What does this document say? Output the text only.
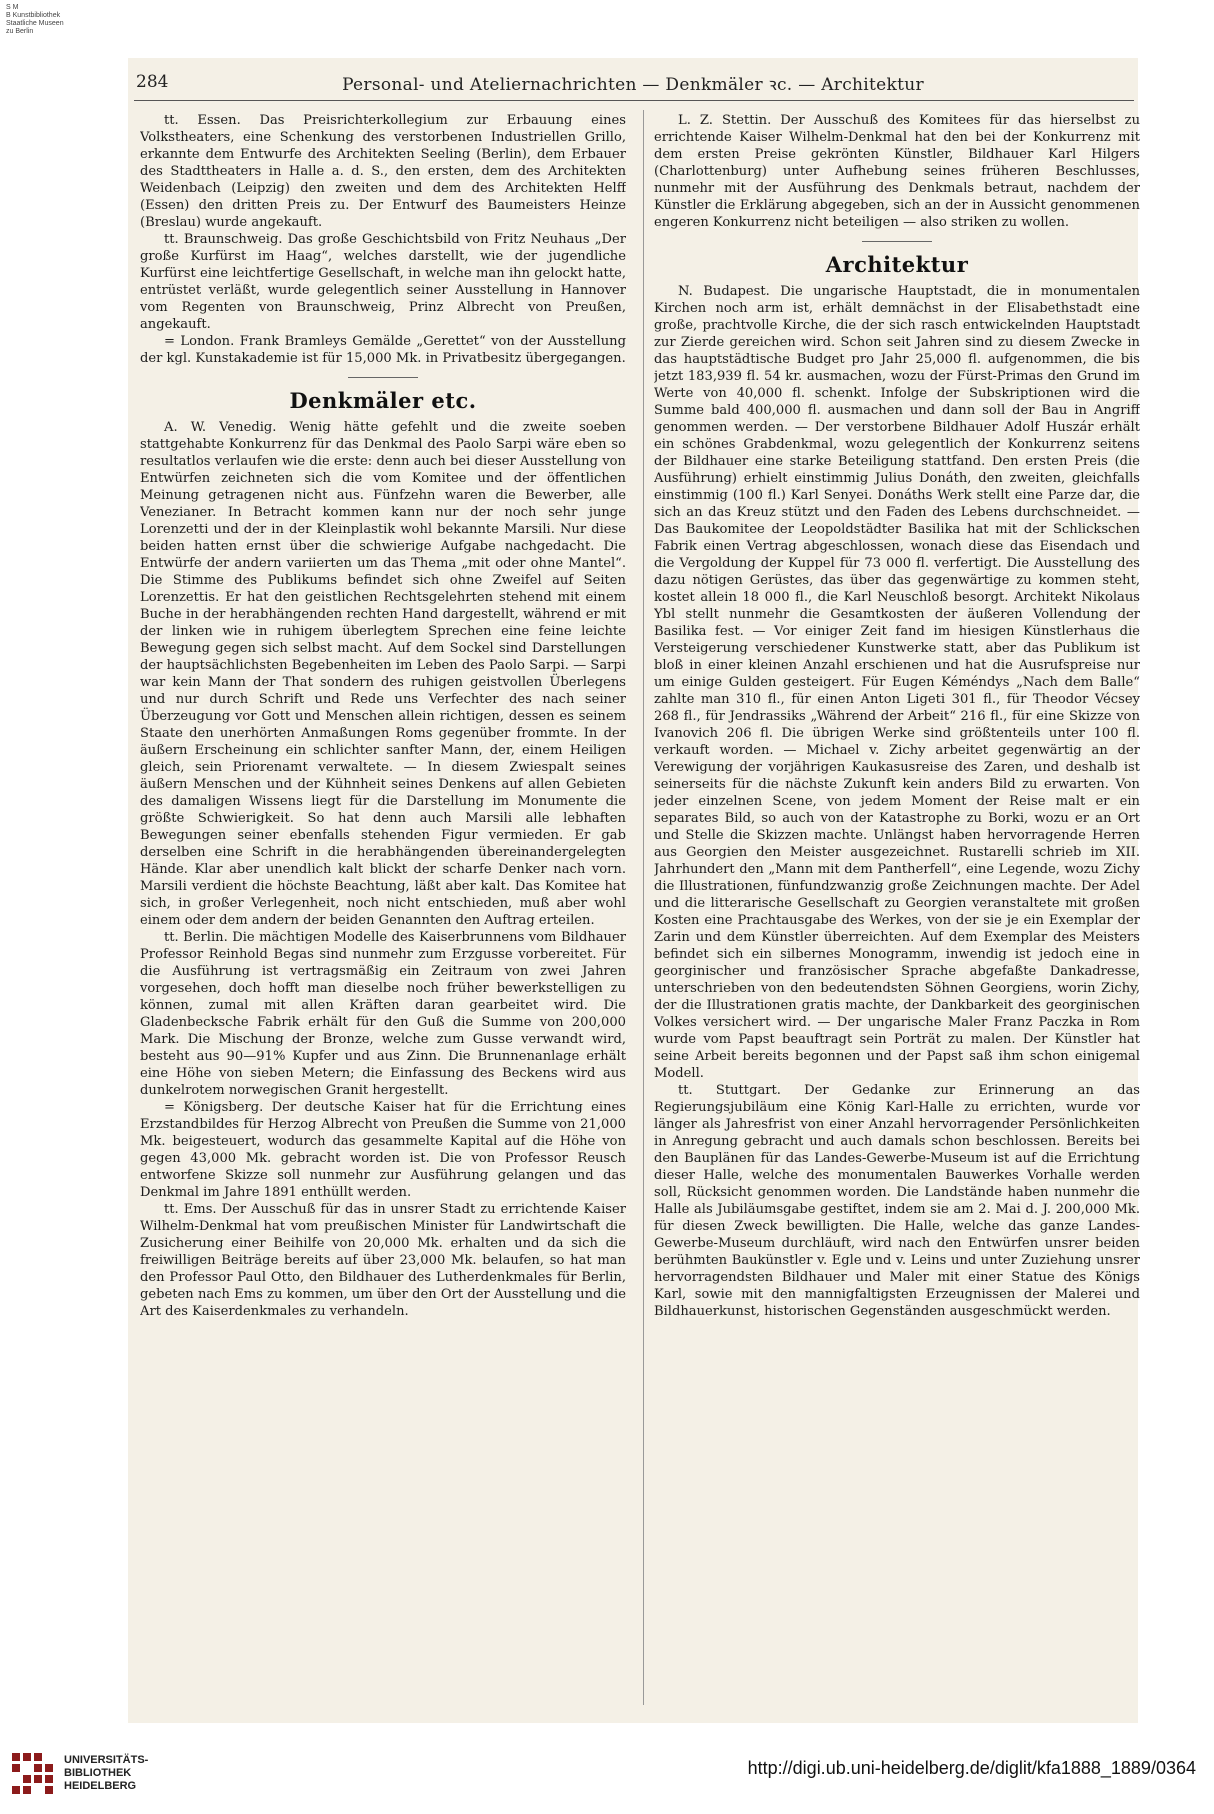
S M
B Kunstbibliothek
Staatliche Museen
zu Berlin
284	Personal- und Ateliernachrichten — Denkmäler ꝛc. — Architektur

tt. Essen. Das Preisrichterkollegium zur Erbauung eines Volkstheaters, eine Schenkung des verstorbenen Industriellen Grillo, erkannte dem Entwurfe des Architekten Seeling (Berlin), dem Erbauer des Stadttheaters in Halle a. d. S., den ersten, dem des Architekten Weidenbach (Leipzig) den zweiten und dem des Architekten Helff (Essen) den dritten Preis zu. Der Entwurf des Baumeisters Heinze (Breslau) wurde angekauft.

tt. Braunschweig. Das große Geschichtsbild von Fritz Neuhaus „Der große Kurfürst im Haag“, welches darstellt, wie der jugendliche Kurfürst eine leichtfertige Gesellschaft, in welche man ihn gelockt hatte, entrüstet verläßt, wurde gelegentlich seiner Ausstellung in Hannover vom Regenten von Braunschweig, Prinz Albrecht von Preußen, angekauft.

= London. Frank Bramleys Gemälde „Gerettet“ von der Ausstellung der kgl. Kunstakademie ist für 15,000 Mk. in Privatbesitz übergegangen.

Denkmäler etc.

A. W. Venedig. Wenig hätte gefehlt und die zweite soeben stattgehabte Konkurrenz für das Denkmal des Paolo Sarpi wäre eben so resultatlos verlaufen wie die erste: denn auch bei dieser Ausstellung von Entwürfen zeichneten sich die vom Komitee und der öffentlichen Meinung getragenen nicht aus. Fünfzehn waren die Bewerber, alle Venezianer. In Betracht kommen kann nur der noch sehr junge Lorenzetti und der in der Kleinplastik wohl bekannte Marsili. Nur diese beiden hatten ernst über die schwierige Aufgabe nachgedacht. Die Entwürfe der andern variierten um das Thema „mit oder ohne Mantel“. Die Stimme des Publikums befindet sich ohne Zweifel auf Seiten Lorenzettis. Er hat den geistlichen Rechtsgelehrten stehend mit einem Buche in der herabhängenden rechten Hand dargestellt, während er mit der linken wie in ruhigem überlegtem Sprechen eine feine leichte Bewegung gegen sich selbst macht. Auf dem Sockel sind Darstellungen der hauptsächlichsten Begebenheiten im Leben des Paolo Sarpi. — Sarpi war kein Mann der That sondern des ruhigen geistvollen Überlegens und nur durch Schrift und Rede uns Verfechter des nach seiner Überzeugung vor Gott und Menschen allein richtigen, dessen es seinem Staate den unerhörten Anmaßungen Roms gegenüber frommte. In der äußern Erscheinung ein schlichter sanfter Mann, der, einem Heiligen gleich, sein Priorenamt verwaltete. — In diesem Zwiespalt seines äußern Menschen und der Kühnheit seines Denkens auf allen Gebieten des damaligen Wissens liegt für die Darstellung im Monumente die größte Schwierigkeit. So hat denn auch Marsili alle lebhaften Bewegungen seiner ebenfalls stehenden Figur vermieden. Er gab derselben eine Schrift in die herabhängenden übereinandergelegten Hände. Klar aber unendlich kalt blickt der scharfe Denker nach vorn. Marsili verdient die höchste Beachtung, läßt aber kalt. Das Komitee hat sich, in großer Verlegenheit, noch nicht entschieden, muß aber wohl einem oder dem andern der beiden Genannten den Auftrag erteilen.

tt. Berlin. Die mächtigen Modelle des Kaiserbrunnens vom Bildhauer Professor Reinhold Begas sind nunmehr zum Erzgusse vorbereitet. Für die Ausführung ist vertragsmäßig ein Zeitraum von zwei Jahren vorgesehen, doch hofft man dieselbe noch früher bewerkstelligen zu können, zumal mit allen Kräften daran gearbeitet wird. Die Gladenbecksche Fabrik erhält für den Guß die Summe von 200,000 Mark. Die Mischung der Bronze, welche zum Gusse verwandt wird, besteht aus 90—91% Kupfer und aus Zinn. Die Brunnenanlage erhält eine Höhe von sieben Metern; die Einfassung des Beckens wird aus dunkelrotem norwegischen Granit hergestellt.

= Königsberg. Der deutsche Kaiser hat für die Errichtung eines Erzstandbildes für Herzog Albrecht von Preußen die Summe von 21,000 Mk. beigesteuert, wodurch das gesammelte Kapital auf die Höhe von gegen 43,000 Mk. gebracht worden ist. Die von Professor Reusch entworfene Skizze soll nunmehr zur Ausführung gelangen und das Denkmal im Jahre 1891 enthüllt werden.

tt. Ems. Der Ausschuß für das in unsrer Stadt zu errichtende Kaiser Wilhelm-Denkmal hat vom preußischen Minister für Landwirtschaft die Zusicherung einer Beihilfe von 20,000 Mk. erhalten und da sich die freiwilligen Beiträge bereits auf über 23,000 Mk. belaufen, so hat man den Professor Paul Otto, den Bildhauer des Lutherdenkmales für Berlin, gebeten nach Ems zu kommen, um über den Ort der Ausstellung und die Art des Kaiserdenkmales zu verhandeln.

L. Z. Stettin. Der Ausschuß des Komitees für das hierselbst zu errichtende Kaiser Wilhelm-Denkmal hat den bei der Konkurrenz mit dem ersten Preise gekrönten Künstler, Bildhauer Karl Hilgers (Charlottenburg) unter Aufhebung seines früheren Beschlusses, nunmehr mit der Ausführung des Denkmals betraut, nachdem der Künstler die Erklärung abgegeben, sich an der in Aussicht genommenen engeren Konkurrenz nicht beteiligen — also striken zu wollen.

Architektur

N. Budapest. Die ungarische Hauptstadt, die in monumentalen Kirchen noch arm ist, erhält demnächst in der Elisabethstadt eine große, prachtvolle Kirche, die der sich rasch entwickelnden Hauptstadt zur Zierde gereichen wird. Schon seit Jahren sind zu diesem Zwecke in das hauptstädtische Budget pro Jahr 25,000 fl. aufgenommen, die bis jetzt 183,939 fl. 54 kr. ausmachen, wozu der Fürst-Primas den Grund im Werte von 40,000 fl. schenkt. Infolge der Subskriptionen wird die Summe bald 400,000 fl. ausmachen und dann soll der Bau in Angriff genommen werden. — Der verstorbene Bildhauer Adolf Huszár erhält ein schönes Grabdenkmal, wozu gelegentlich der Konkurrenz seitens der Bildhauer eine starke Beteiligung stattfand. Den ersten Preis (die Ausführung) erhielt einstimmig Julius Donáth, den zweiten, gleichfalls einstimmig (100 fl.) Karl Senyei. Donáths Werk stellt eine Parze dar, die sich an das Kreuz stützt und den Faden des Lebens durchschneidet. — Das Baukomitee der Leopoldstädter Basilika hat mit der Schlickschen Fabrik einen Vertrag abgeschlossen, wonach diese das Eisendach und die Vergoldung der Kuppel für 73 000 fl. verfertigt. Die Ausstellung des dazu nötigen Gerüstes, das über das gegenwärtige zu kommen steht, kostet allein 18 000 fl., die Karl Neuschloß besorgt. Architekt Nikolaus Ybl stellt nunmehr die Gesamtkosten der äußeren Vollendung der Basilika fest. — Vor einiger Zeit fand im hiesigen Künstlerhaus die Versteigerung verschiedener Kunstwerke statt, aber das Publikum ist bloß in einer kleinen Anzahl erschienen und hat die Ausrufspreise nur um einige Gulden gesteigert. Für Eugen Kéméndys „Nach dem Balle“ zahlte man 310 fl., für einen Anton Ligeti 301 fl., für Theodor Vécsey 268 fl., für Jendrassiks „Während der Arbeit“ 216 fl., für eine Skizze von Ivanovich 206 fl. Die übrigen Werke sind größtenteils unter 100 fl. verkauft worden. — Michael v. Zichy arbeitet gegenwärtig an der Verewigung der vorjährigen Kaukasusreise des Zaren, und deshalb ist seinerseits für die nächste Zukunft kein anders Bild zu erwarten. Von jeder einzelnen Scene, von jedem Moment der Reise malt er ein separates Bild, so auch von der Katastrophe zu Borki, wozu er an Ort und Stelle die Skizzen machte. Unlängst haben hervorragende Herren aus Georgien den Meister ausgezeichnet. Rustarelli schrieb im XII. Jahrhundert den „Mann mit dem Pantherfell“, eine Legende, wozu Zichy die Illustrationen, fünfundzwanzig große Zeichnungen machte. Der Adel und die litterarische Gesellschaft zu Georgien veranstaltete mit großen Kosten eine Prachtausgabe des Werkes, von der sie je ein Exemplar der Zarin und dem Künstler überreichten. Auf dem Exemplar des Meisters befindet sich ein silbernes Monogramm, inwendig ist jedoch eine in georginischer und französischer Sprache abgefaßte Dankadresse, unterschrieben von den bedeutendsten Söhnen Georgiens, worin Zichy, der die Illustrationen gratis machte, der Dankbarkeit des georginischen Volkes versichert wird. — Der ungarische Maler Franz Paczka in Rom wurde vom Papst beauftragt sein Porträt zu malen. Der Künstler hat seine Arbeit bereits begonnen und der Papst saß ihm schon einigemal Modell.

tt. Stuttgart. Der Gedanke zur Erinnerung an das Regierungsjubiläum eine König Karl-Halle zu errichten, wurde vor länger als Jahresfrist von einer Anzahl hervorragender Persönlichkeiten in Anregung gebracht und auch damals schon beschlossen. Bereits bei den Bauplänen für das Landes-Gewerbe-Museum ist auf die Errichtung dieser Halle, welche des monumentalen Bauwerkes Vorhalle werden soll, Rücksicht genommen worden. Die Landstände haben nunmehr die Halle als Jubiläumsgabe gestiftet, indem sie am 2. Mai d. J. 200,000 Mk. für diesen Zweck bewilligten. Die Halle, welche das ganze Landes-Gewerbe-Museum durchläuft, wird nach den Entwürfen unsrer beiden berühmten Baukünstler v. Egle und v. Leins und unter Zuziehung unsrer hervorragendsten Bildhauer und Maler mit einer Statue des Königs Karl, sowie mit den mannigfaltigsten Erzeugnissen der Malerei und Bildhauerkunst, historischen Gegenständen ausgeschmückt werden.

UNIVERSITÄTS-
BIBLIOTHEK
HEIDELBERG
http://digi.ub.uni-heidelberg.de/diglit/kfa1888_1889/0364
